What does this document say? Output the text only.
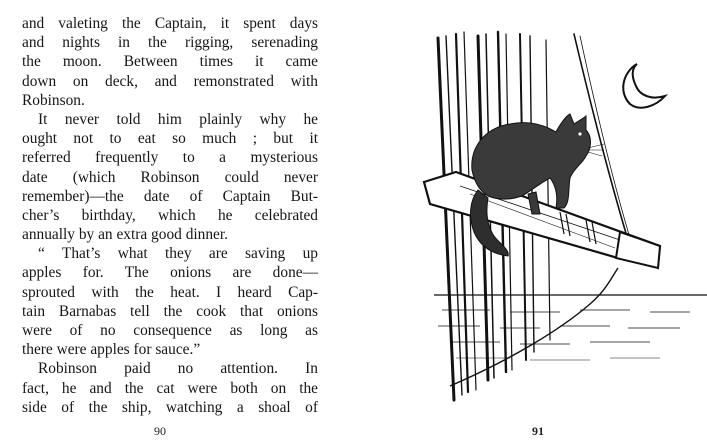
and valeting the Captain, it spent days
and nights in the rigging, serenading
the moon. Between times it came
down on deck, and remonstrated with
Robinson.
It never told him plainly why he
ought not to eat so much ; but it
referred frequently to a mysterious
date (which Robinson could never
remember)—the date of Captain But-
cher’s birthday, which he celebrated
annually by an extra good dinner.
“ That’s what they are saving up
apples for. The onions are done—
sprouted with the heat. I heard Cap-
tain Barnabas tell the cook that onions
were of no consequence as long as
there were apples for sauce.”
Robinson paid no attention. In
fact, he and the cat were both on the
side of the ship, watching a shoal of
90	91
